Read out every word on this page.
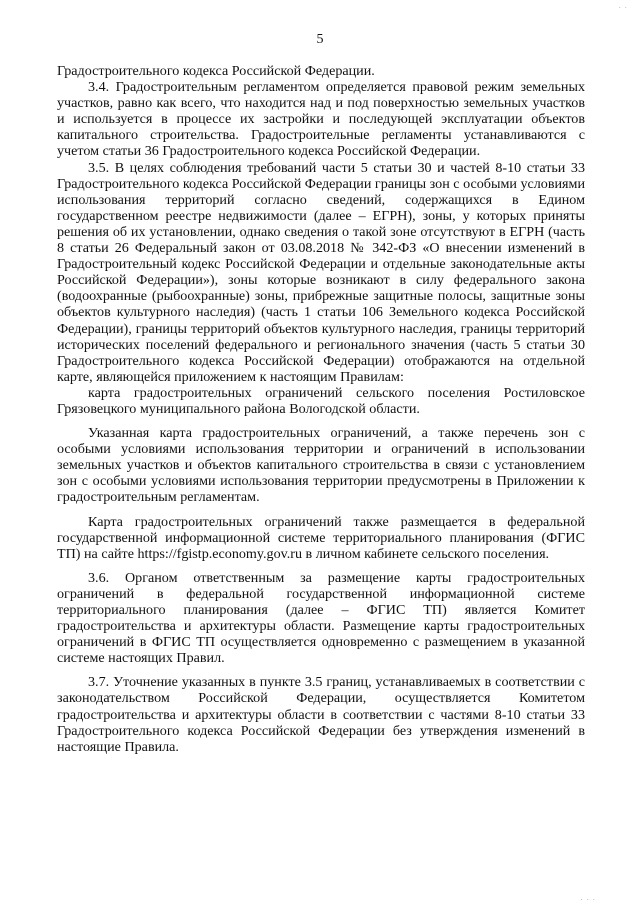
· ·
5

Градостроительного кодекса Российской Федерации.

3.4. Градостроительным регламентом определяется правовой режим земельных участков, равно как всего, что находится над и под поверхностью земельных участков и используется в процессе их застройки и последующей эксплуатации объектов капитального строительства. Градостроительные регламенты устанавливаются с учетом статьи 36 Градостроительного кодекса Российской Федерации.

3.5. В целях соблюдения требований части 5 статьи 30 и частей 8-10 статьи 33 Градостроительного кодекса Российской Федерации границы зон с особыми условиями использования территорий согласно сведений, содержащихся в Едином государственном реестре недвижимости (далее – ЕГРН), зоны, у которых приняты решения об их установлении, однако сведения о такой зоне отсутствуют в ЕГРН (часть 8 статьи 26 Федеральный закон от 03.08.2018 № 342-ФЗ «О внесении изменений в Градостроительный кодекс Российской Федерации и отдельные законодательные акты Российской Федерации»), зоны которые возникают в силу федерального закона (водоохранные (рыбоохранные) зоны, прибрежные защитные полосы, защитные зоны объектов культурного наследия) (часть 1 статьи 106 Земельного кодекса Российской Федерации), границы территорий объектов культурного наследия, границы территорий исторических поселений федерального и регионального значения (часть 5 статьи 30 Градостроительного кодекса Российской Федерации) отображаются на отдельной карте, являющейся приложением к настоящим Правилам:

карта градостроительных ограничений сельского поселения Ростиловское Грязовецкого муниципального района Вологодской области.

Указанная карта градостроительных ограничений, а также перечень зон с особыми условиями использования территории и ограничений в использовании земельных участков и объектов капитального строительства в связи с установлением зон с особыми условиями использования территории предусмотрены в Приложении к градостроительным регламентам.

Карта градостроительных ограничений также размещается в федеральной государственной информационной системе территориального планирования (ФГИС ТП) на сайте https://fgistp.economy.gov.ru в личном кабинете сельского поселения.

3.6. Органом ответственным за размещение карты градостроительных ограничений в федеральной государственной информационной системе территориального планирования (далее – ФГИС ТП) является Комитет градостроительства и архитектуры области. Размещение карты градостроительных ограничений в ФГИС ТП осуществляется одновременно с размещением в указанной системе настоящих Правил.

3.7. Уточнение указанных в пункте 3.5 границ, устанавливаемых в соответствии с законодательством Российской Федерации, осуществляется Комитетом градостроительства и архитектуры области в соответствии с частями 8-10 статьи 33 Градостроительного кодекса Российской Федерации без утверждения изменений в настоящие Правила.

· · ·
